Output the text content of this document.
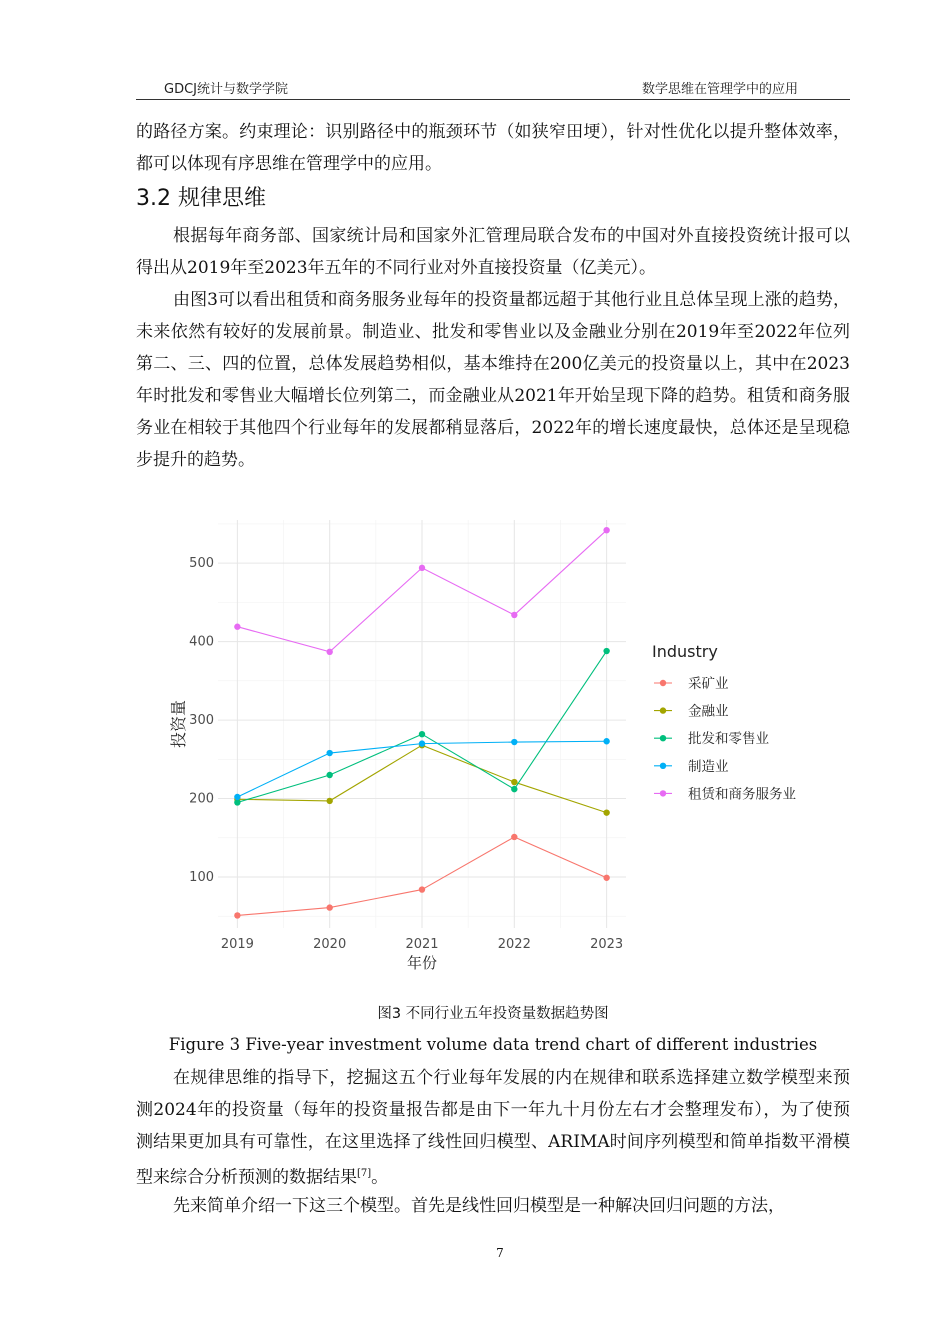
GDCJ统计与数学学院	数学思维在管理学中的应用

的路径方案。约束理论：识别路径中的瓶颈环节（如狭窄田埂），针对性优化以提升整体效率，都可以体现有序思维在管理学中的应用。

3.2 规律思维

根据每年商务部、国家统计局和国家外汇管理局联合发布的中国对外直接投资统计报可以得出从2019年至2023年五年的不同行业对外直接投资量（亿美元）。

由图3可以看出租赁和商务服务业每年的投资量都远超于其他行业且总体呈现上涨的趋势，未来依然有较好的发展前景。制造业、批发和零售业以及金融业分别在2019年至2022年位列第二、三、四的位置，总体发展趋势相似，基本维持在200亿美元的投资量以上，其中在2023年时批发和零售业大幅增长位列第二，而金融业从2021年开始呈现下降的趋势。租赁和商务服务业在相较于其他四个行业每年的发展都稍显落后，2022年的增长速度最快，总体还是呈现稳步提升的趋势。

100
200
300
400
500
2019	2020	2021	2022	2023
年份
投资量
Industry
采矿业
金融业
批发和零售业
制造业
租赁和商务服务业

图3 不同行业五年投资量数据趋势图

Figure 3 Five-year investment volume data trend chart of different industries

在规律思维的指导下，挖掘这五个行业每年发展的内在规律和联系选择建立数学模型来预测2024年的投资量（每年的投资量报告都是由下一年九十月份左右才会整理发布），为了使预测结果更加具有可靠性，在这里选择了线性回归模型、ARIMA时间序列模型和简单指数平滑模型来综合分析预测的数据结果[7]。

先来简单介绍一下这三个模型。首先是线性回归模型是一种解决回归问题的方法，

7
